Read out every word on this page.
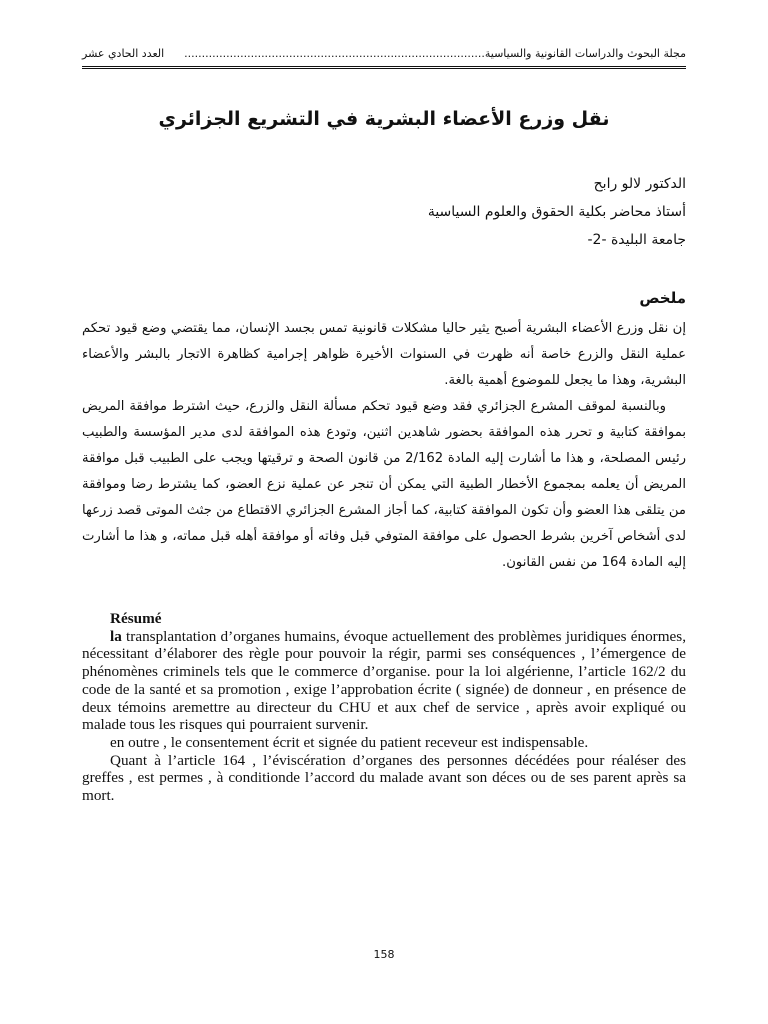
مجلة البحوث والدراسات القانونية والسياسية......................................................................................
العدد الحادي عشر
نقل وزرع الأعضاء البشرية في التشريع الجزائري
الدكتور لالو رابح
أستاذ محاضر بكلية الحقوق والعلوم السياسية
جامعة البليدة -2-
ملخص

إن نقل وزرع الأعضاء البشرية أصبح يثير حاليا مشكلات قانونية تمس بجسد الإنسان، مما يقتضي وضع قيود تحكم عملية النقل والزرع خاصة أنه ظهرت في السنوات الأخيرة ظواهر إجرامية كظاهرة الاتجار بالبشر والأعضاء البشرية، وهذا ما يجعل للموضوع أهمية بالغة.

وبالنسبة لموقف المشرع الجزائري فقد وضع قيود تحكم مسألة النقل والزرع، حيث اشترط موافقة المريض بموافقة كتابية و تحرر هذه الموافقة بحضور شاهدين اثنين، وتودع هذه الموافقة لدى مدير المؤسسة والطبيب رئيس المصلحة، و هذا ما أشارت إليه المادة 2/162 من قانون الصحة و ترقيتها ويجب على الطبيب قبل موافقة المريض أن يعلمه بمجموع الأخطار الطبية التي يمكن أن تنجر عن عملية نزع العضو، كما يشترط رضا وموافقة من يتلقى هذا العضو وأن تكون الموافقة كتابية، كما أجاز المشرع الجزائري الاقتطاع من جثث الموتى قصد زرعها لدى أشخاص آخرين بشرط الحصول على موافقة المتوفي قبل وفاته أو موافقة أهله قبل مماته، و هذا ما أشارت إليه المادة 164 من نفس القانون.

Résumé

la transplantation d’organes humains, évoque actuellement des problèmes juridiques énormes, nécessitant d’élaborer des règle pour pouvoir la régir, parmi ses conséquences , l’émergence de phénomènes criminels tels que le commerce d’organise. pour la loi algérienne, l’article 162/2 du code de la santé et sa promotion , exige l’approbation écrite ( signée) de donneur , en présence de deux témoins aremettre au directeur du CHU et aux chef de service , après avoir expliqué ou malade tous les risques qui pourraient survenir.

en outre , le consentement écrit et signée du patient receveur est indispensable.

Quant à l’article 164 , l’éviscération d’organes des personnes décédées pour réaléser des greffes , est permes , à conditionde l’accord du malade avant son déces ou de ses parent après sa mort.

158
